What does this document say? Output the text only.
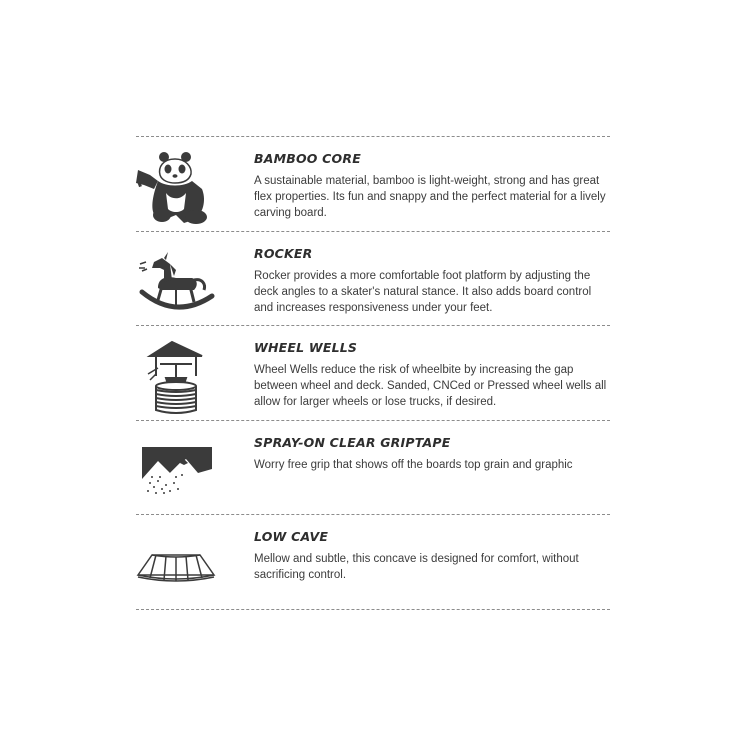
BAMBOO CORE

A sustainable material, bamboo is light-weight, strong and has great flex properties. Its fun and snappy and the perfect material for a lively carving board.

ROCKER

Rocker provides a more comfortable foot platform by adjusting the deck angles to a skater's natural stance. It also adds board control and increases responsiveness under your feet.

WHEEL WELLS

Wheel Wells reduce the risk of wheelbite by increasing the gap between wheel and deck. Sanded, CNCed or Pressed wheel wells all allow for larger wheels or lose trucks, if desired.

SPRAY-ON CLEAR GRIPTAPE

Worry free grip that shows off the boards top grain and graphic

LOW CAVE

Mellow and subtle, this concave is designed for comfort, without sacrificing control.
